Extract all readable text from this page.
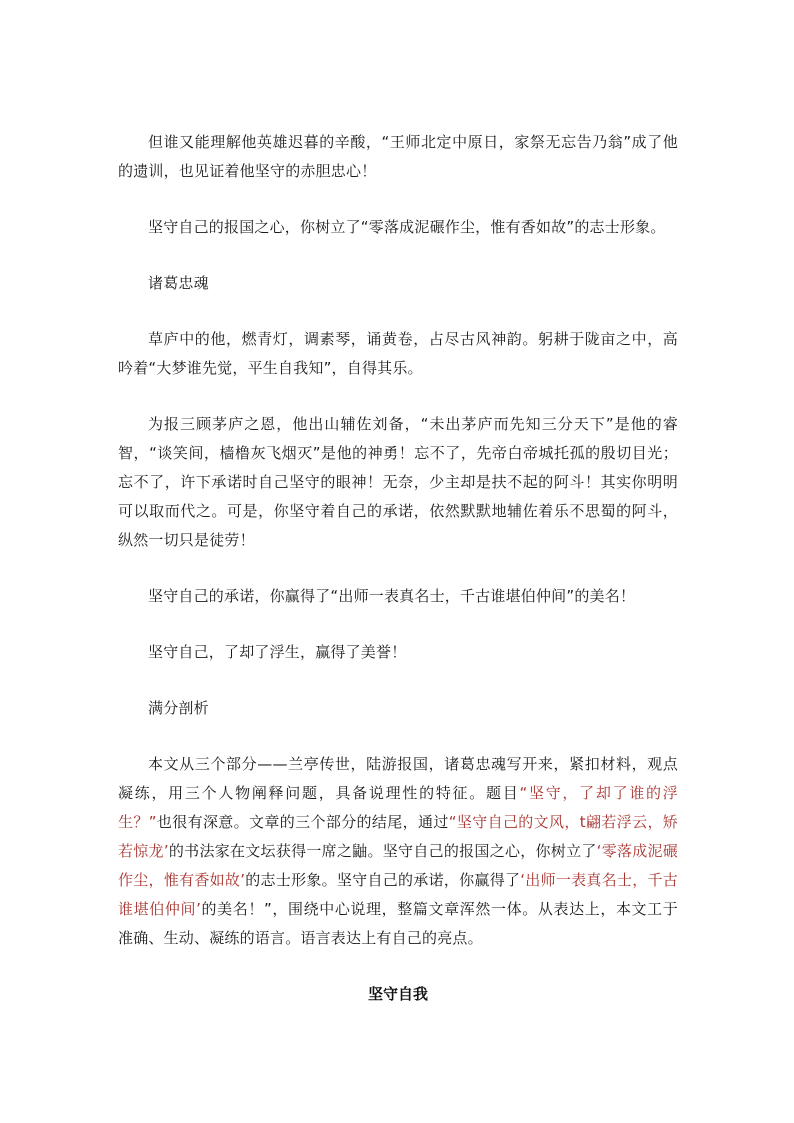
但谁又能理解他英雄迟暮的辛酸，“王师北定中原日，家祭无忘告乃翁”成了他的遗训，也见证着他坚守的赤胆忠心！

坚守自己的报国之心，你树立了“零落成泥碾作尘，惟有香如故”的志士形象。

诸葛忠魂

草庐中的他，燃青灯，调素琴，诵黄卷，占尽古风神韵。躬耕于陇亩之中，高吟着“大梦谁先觉，平生自我知”，自得其乐。

为报三顾茅庐之恩，他出山辅佐刘备，“未出茅庐而先知三分天下”是他的睿智，“谈笑间，樯橹灰飞烟灭”是他的神勇！忘不了，先帝白帝城托孤的殷切目光；忘不了，许下承诺时自己坚守的眼神！无奈，少主却是扶不起的阿斗！其实你明明可以取而代之。可是，你坚守着自己的承诺，依然默默地辅佐着乐不思蜀的阿斗，纵然一切只是徒劳！

坚守自己的承诺，你赢得了“出师一表真名士，千古谁堪伯仲间”的美名！

坚守自己，了却了浮生，赢得了美誉！

满分剖析

本文从三个部分——兰亭传世，陆游报国，诸葛忠魂写开来，紧扣材料，观点凝练，用三个人物阐释问题，具备说理性的特征。题目“坚守，了却了谁的浮生？”也很有深意。文章的三个部分的结尾，通过“坚守自己的文风，t翩若浮云，矫若惊龙’的书法家在文坛获得一席之鼬。坚守自己的报国之心，你树立了‘零落成泥碾作尘，惟有香如故’的志士形象。坚守自己的承诺，你赢得了‘出师一表真名士，千古谁堪伯仲间’的美名！”，围绕中心说理，整篇文章浑然一体。从表达上，本文工于准确、生动、凝练的语言。语言表达上有自己的亮点。

坚守自我
